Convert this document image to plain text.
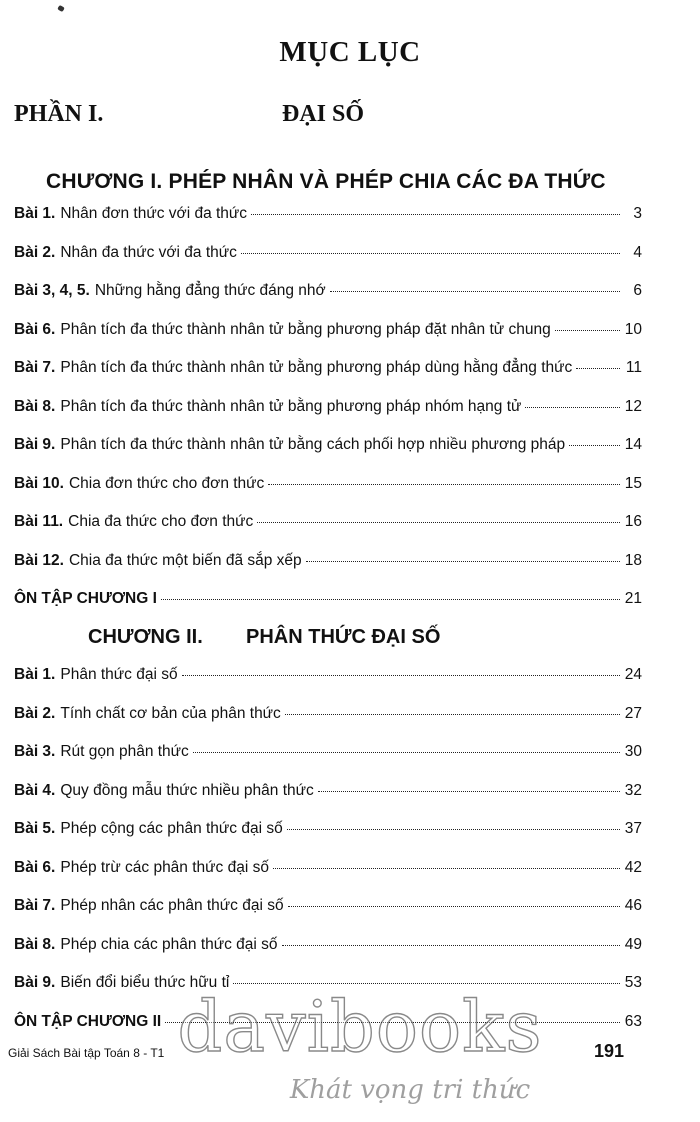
MỤC LỤC
PHẦN I.	ĐẠI SỐ
CHƯƠNG I. PHÉP NHÂN VÀ PHÉP CHIA CÁC ĐA THỨC
Bài 1. Nhân đơn thức với đa thức	3
Bài 2. Nhân đa thức với đa thức	4
Bài 3, 4, 5. Những hằng đẳng thức đáng nhớ	6
Bài 6. Phân tích đa thức thành nhân tử bằng phương pháp đặt nhân tử chung	10
Bài 7. Phân tích đa thức thành nhân tử bằng phương pháp dùng hằng đẳng thức	11
Bài 8. Phân tích đa thức thành nhân tử bằng phương pháp nhóm hạng tử	12
Bài 9. Phân tích đa thức thành nhân tử bằng cách phối hợp nhiều phương pháp	14
Bài 10. Chia đơn thức cho đơn thức	15
Bài 11. Chia đa thức cho đơn thức	16
Bài 12. Chia đa thức một biến đã sắp xếp	18
ÔN TẬP CHƯƠNG I	21
CHƯƠNG II. PHÂN THỨC ĐẠI SỐ
Bài 1. Phân thức đại số	24
Bài 2. Tính chất cơ bản của phân thức	27
Bài 3. Rút gọn phân thức	30
Bài 4. Quy đồng mẫu thức nhiều phân thức	32
Bài 5. Phép cộng các phân thức đại số	37
Bài 6. Phép trừ các phân thức đại số	42
Bài 7. Phép nhân các phân thức đại số	46
Bài 8. Phép chia các phân thức đại số	49
Bài 9. Biến đổi biểu thức hữu tỉ	53
ÔN TẬP CHƯƠNG II	63
Giải Sách Bài tập Toán 8 - T1	191
davibooks
Khát vọng tri thức
